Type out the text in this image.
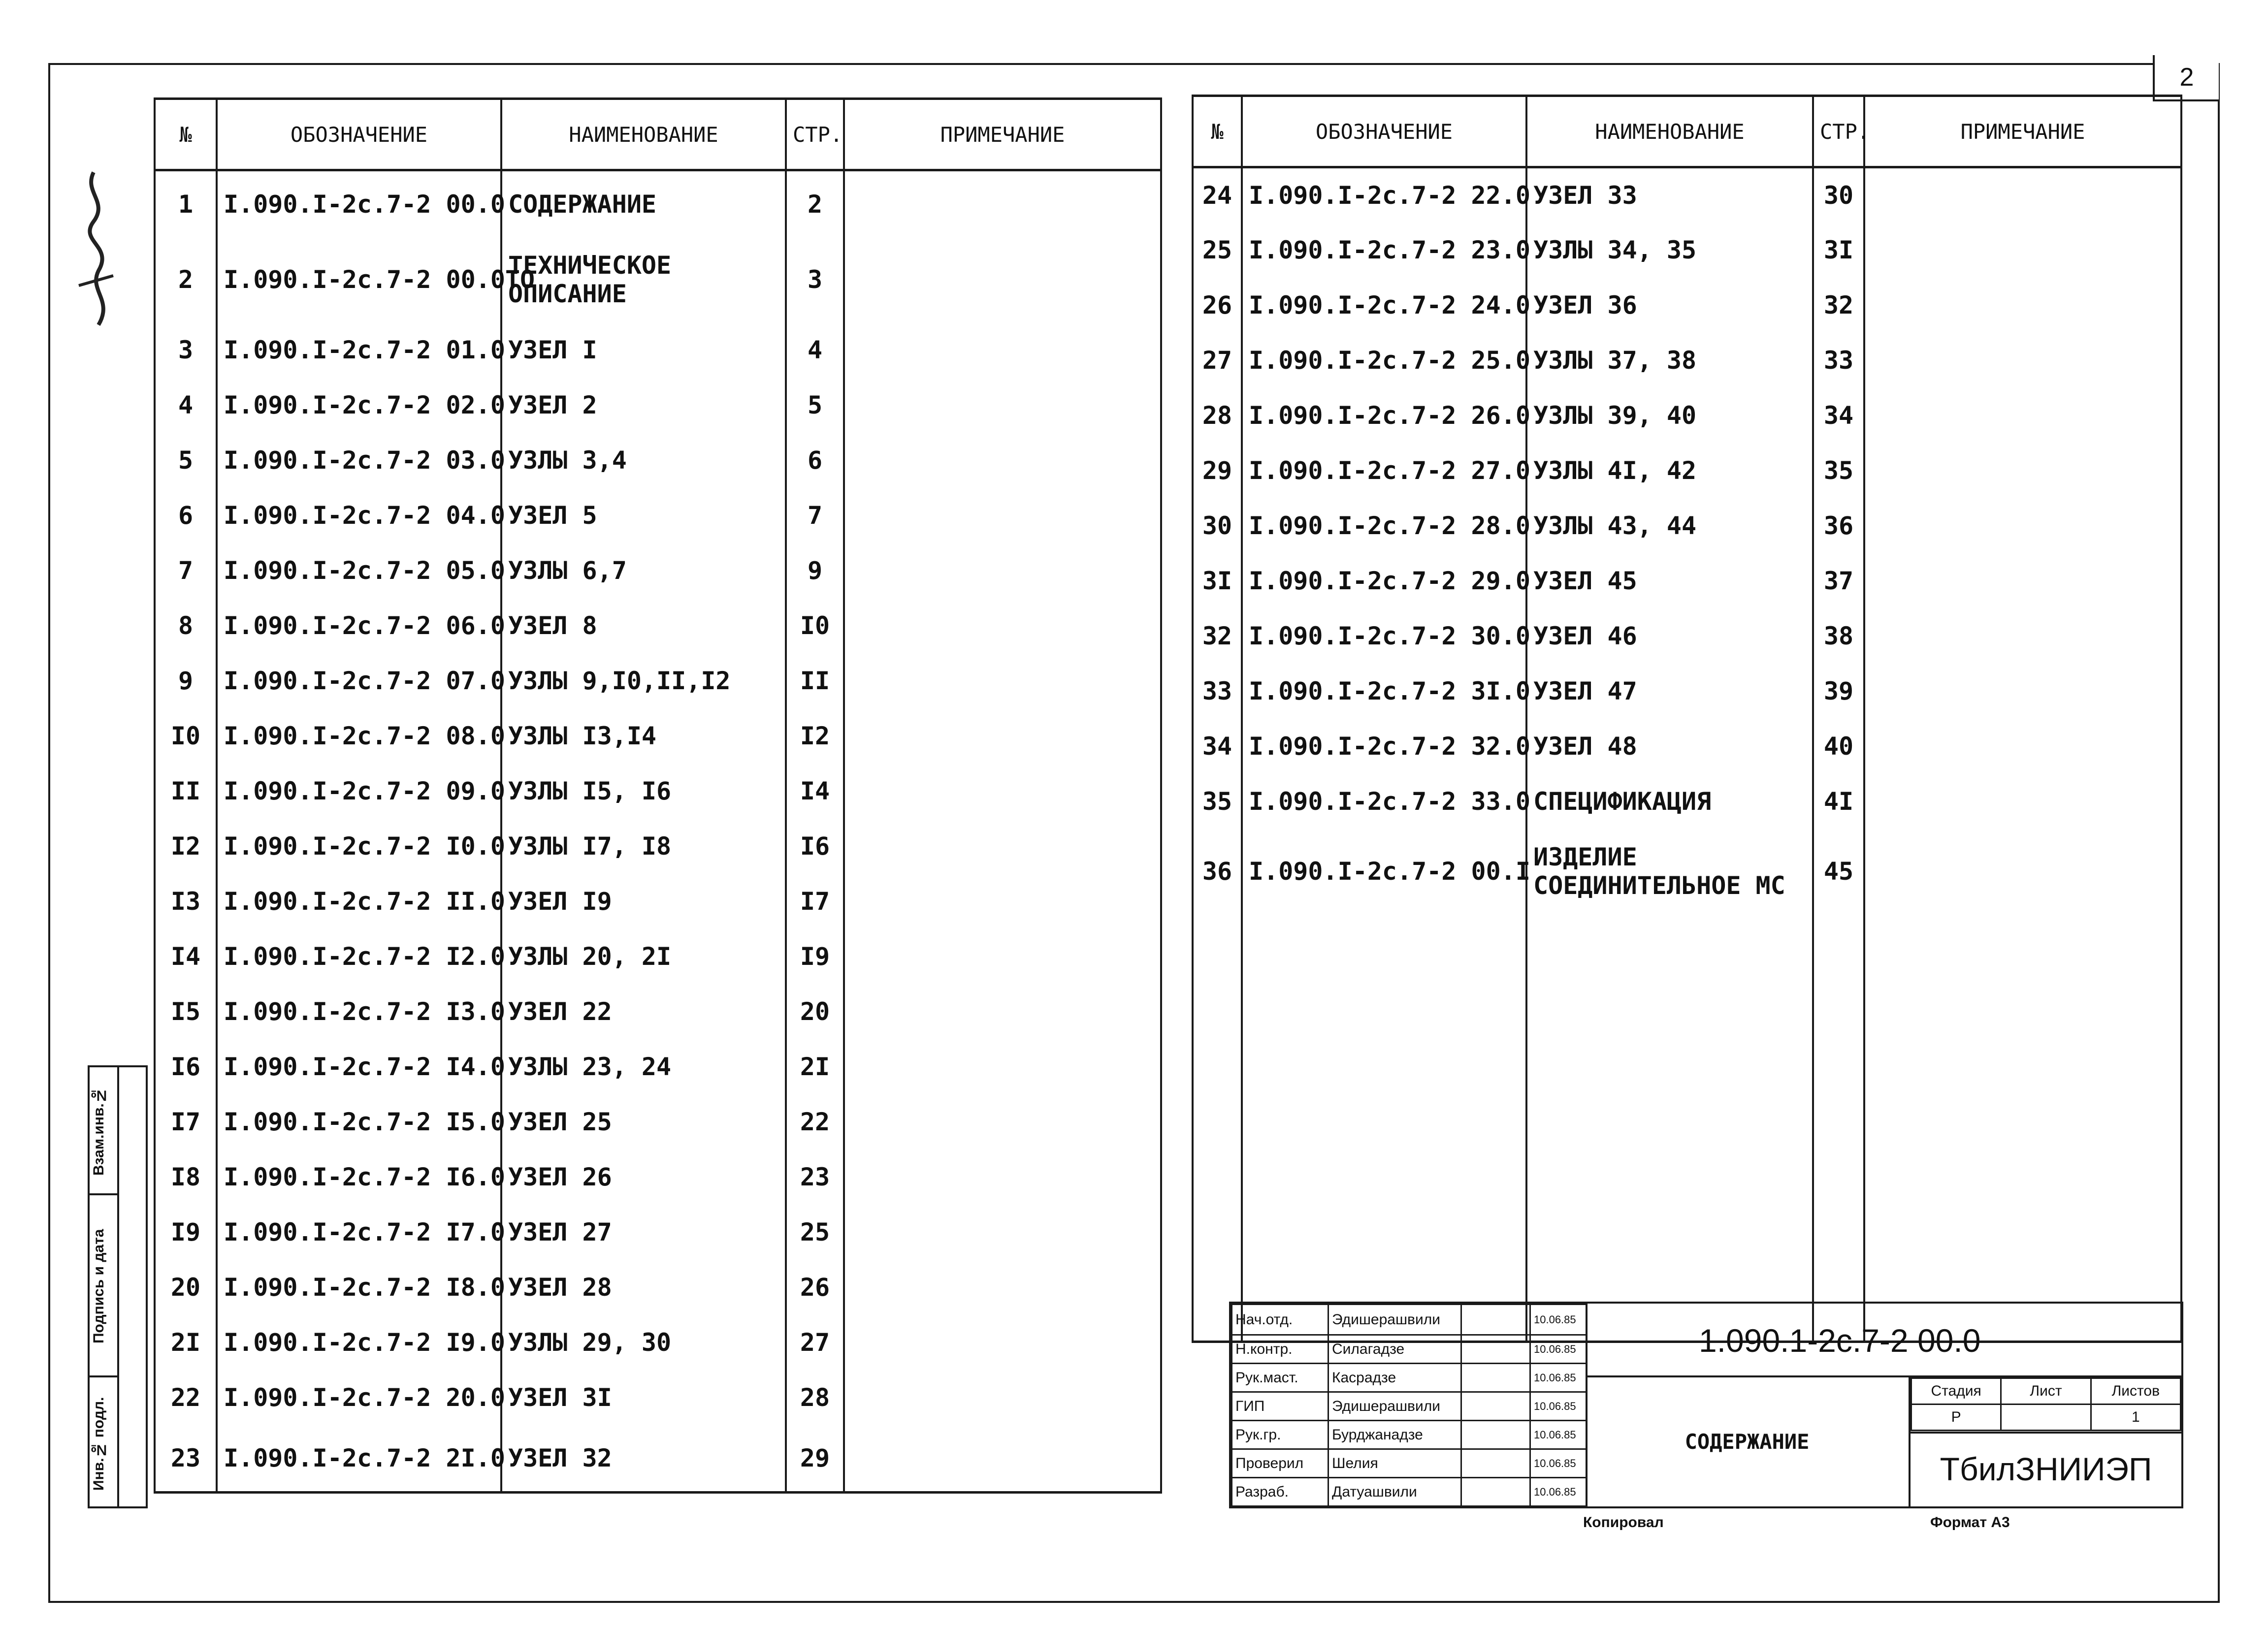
2
№	ОБОЗНАЧЕНИЕ	НАИМЕНОВАНИЕ	СТР.	ПРИМЕЧАНИЕ
1	I.090.I-2с.7-2 00.0	СОДЕРЖАНИЕ	2	
2	I.090.I-2с.7-2 00.0ТО	ТЕХНИЧЕСКОЕ
ОПИСАНИЕ	3	
3	I.090.I-2с.7-2 01.0	УЗЕЛ I	4	
4	I.090.I-2с.7-2 02.0	УЗЕЛ 2	5	
5	I.090.I-2с.7-2 03.0	УЗЛЫ 3,4	6	
6	I.090.I-2с.7-2 04.0	УЗЕЛ 5	7	
7	I.090.I-2с.7-2 05.0	УЗЛЫ 6,7	9	
8	I.090.I-2с.7-2 06.0	УЗЕЛ 8	I0	
9	I.090.I-2с.7-2 07.0	УЗЛЫ 9,I0,II,I2	II	
I0	I.090.I-2с.7-2 08.0	УЗЛЫ I3,I4	I2	
II	I.090.I-2с.7-2 09.0	УЗЛЫ I5, I6	I4	
I2	I.090.I-2с.7-2 I0.0	УЗЛЫ I7, I8	I6	
I3	I.090.I-2с.7-2 II.0	УЗЕЛ I9	I7	
I4	I.090.I-2с.7-2 I2.0	УЗЛЫ 20, 2I	I9	
I5	I.090.I-2с.7-2 I3.0	УЗЕЛ 22	20	
I6	I.090.I-2с.7-2 I4.0	УЗЛЫ 23, 24	2I	
I7	I.090.I-2с.7-2 I5.0	УЗЕЛ 25	22	
I8	I.090.I-2с.7-2 I6.0	УЗЕЛ 26	23	
I9	I.090.I-2с.7-2 I7.0	УЗЕЛ 27	25	
20	I.090.I-2с.7-2 I8.0	УЗЕЛ 28	26	
2I	I.090.I-2с.7-2 I9.0	УЗЛЫ 29, 30	27	
22	I.090.I-2с.7-2 20.0	УЗЕЛ 3I	28	
23	I.090.I-2с.7-2 2I.0	УЗЕЛ 32	29	
№	ОБОЗНАЧЕНИЕ	НАИМЕНОВАНИЕ	СТР.	ПРИМЕЧАНИЕ
24	I.090.I-2с.7-2 22.0	УЗЕЛ 33	30	
25	I.090.I-2с.7-2 23.0	УЗЛЫ 34, 35	3I	
26	I.090.I-2с.7-2 24.0	УЗЕЛ 36	32	
27	I.090.I-2с.7-2 25.0	УЗЛЫ 37, 38	33	
28	I.090.I-2с.7-2 26.0	УЗЛЫ 39, 40	34	
29	I.090.I-2с.7-2 27.0	УЗЛЫ 4I, 42	35	
30	I.090.I-2с.7-2 28.0	УЗЛЫ 43, 44	36	
3I	I.090.I-2с.7-2 29.0	УЗЕЛ 45	37	
32	I.090.I-2с.7-2 30.0	УЗЕЛ 46	38	
33	I.090.I-2с.7-2 3I.0	УЗЕЛ 47	39	
34	I.090.I-2с.7-2 32.0	УЗЕЛ 48	40	
35	I.090.I-2с.7-2 33.0	СПЕЦИФИКАЦИЯ	4I	
36	I.090.I-2с.7-2 00.I	ИЗДЕЛИЕ
СОЕДИНИТЕЛЬНОЕ МС	45	

Взам.инв.№
Подпись и дата
Инв.№ подл.
Нач.отд.	Эдишерашвили		10.06.85
Н.контр.	Силагадзе		10.06.85
Рук.маст.	Касрадзе		10.06.85
ГИП	Эдишерашвили		10.06.85
Рук.гр.	Бурджанадзе		10.06.85
Проверил	Шелия		10.06.85
Разраб.	Датуашвили		10.06.85
1.090.1-2с.7-2 00.0
СОДЕРЖАНИЕ
Стадия	Лист	Листов
Р		1
ТбилЗНИИЭП
Копировал	Формат А3
